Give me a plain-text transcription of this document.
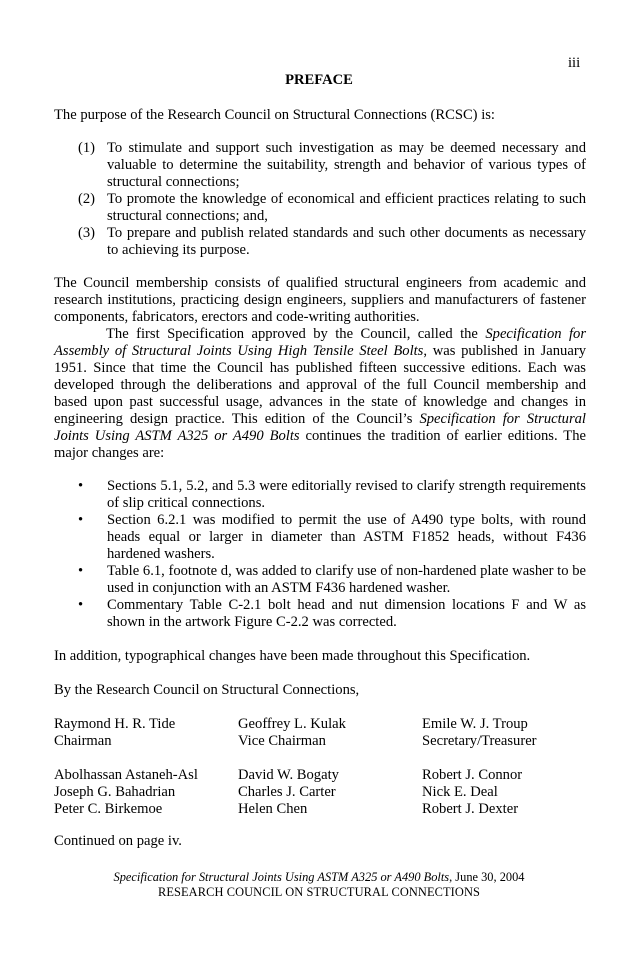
iii
PREFACE

The purpose of the Research Council on Structural Connections (RCSC) is:

(1) To stimulate and support such investigation as may be deemed necessary and valuable to determine the suitability, strength and behavior of various types of structural connections;
(2) To promote the knowledge of economical and efficient practices relating to such structural connections; and,
(3) To prepare and publish related standards and such other documents as necessary to achieving its purpose.

The Council membership consists of qualified structural engineers from academic and research institutions, practicing design engineers, suppliers and manufacturers of fastener components, fabricators, erectors and code-writing authorities.

The first Specification approved by the Council, called the Specification for Assembly of Structural Joints Using High Tensile Steel Bolts, was published in January 1951. Since that time the Council has published fifteen successive editions. Each was developed through the deliberations and approval of the full Council membership and based upon past successful usage, advances in the state of knowledge and changes in engineering design practice. This edition of the Council’s Specification for Structural Joints Using ASTM A325 or A490 Bolts continues the tradition of earlier editions. The major changes are:

•	Sections 5.1, 5.2, and 5.3 were editorially revised to clarify strength requirements of slip critical connections.
•	Section 6.2.1 was modified to permit the use of A490 type bolts, with round heads equal or larger in diameter than ASTM F1852 heads, without F436 hardened washers.
•	Table 6.1, footnote d, was added to clarify use of non-hardened plate washer to be used in conjunction with an ASTM F436 hardened washer.
•	Commentary Table C-2.1 bolt head and nut dimension locations F and W as shown in the artwork Figure C-2.2 was corrected.

In addition, typographical changes have been made throughout this Specification.

By the Research Council on Structural Connections,

Raymond H. R. Tide	Geoffrey L. Kulak	Emile W. J. Troup
Chairman	Vice Chairman	Secretary/Treasurer
Abolhassan Astaneh-Asl	David W. Bogaty	Robert J. Connor
Joseph G. Bahadrian	Charles J. Carter	Nick E. Deal
Peter C. Birkemoe	Helen Chen	Robert J. Dexter

Continued on page iv.

Specification for Structural Joints Using ASTM A325 or A490 Bolts, June 30, 2004
RESEARCH COUNCIL ON STRUCTURAL CONNECTIONS
